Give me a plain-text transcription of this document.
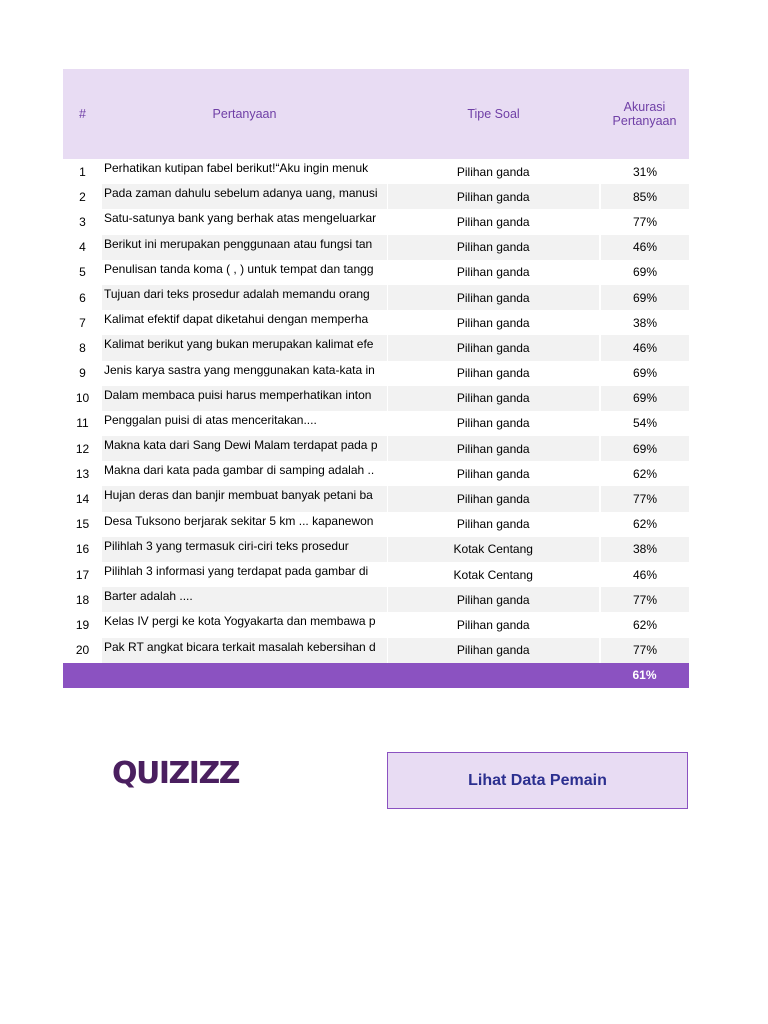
#	Pertanyaan	Tipe Soal	Akurasi
Pertanyaan
1	Perhatikan kutipan fabel berikut!“Aku ingin menuk	Pilihan ganda	31%
2	Pada zaman dahulu sebelum adanya uang, manusi	Pilihan ganda	85%
3	Satu-satunya bank yang berhak atas mengeluarkar	Pilihan ganda	77%
4	Berikut ini merupakan penggunaan atau fungsi tan	Pilihan ganda	46%
5	Penulisan tanda koma ( , ) untuk tempat dan tangg	Pilihan ganda	69%
6	Tujuan dari teks prosedur adalah memandu orang	Pilihan ganda	69%
7	Kalimat efektif dapat diketahui dengan memperha	Pilihan ganda	38%
8	Kalimat berikut yang bukan merupakan kalimat efe	Pilihan ganda	46%
9	Jenis karya sastra yang menggunakan kata-kata in	Pilihan ganda	69%
10	Dalam membaca puisi harus memperhatikan inton	Pilihan ganda	69%
11	Penggalan puisi di atas menceritakan....	Pilihan ganda	54%
12	Makna kata dari Sang Dewi Malam terdapat pada p	Pilihan ganda	69%
13	Makna dari kata pada gambar di samping adalah ..	Pilihan ganda	62%
14	Hujan deras dan banjir membuat banyak petani ba	Pilihan ganda	77%
15	Desa Tuksono berjarak sekitar 5 km ... kapanewon	Pilihan ganda	62%
16	Pilihlah 3 yang termasuk ciri-ciri teks prosedur	Kotak Centang	38%
17	Pilihlah 3 informasi yang terdapat pada gambar di	Kotak Centang	46%
18	Barter adalah ....	Pilihan ganda	77%
19	Kelas IV pergi ke kota Yogyakarta dan membawa p	Pilihan ganda	62%
20	Pak RT angkat bicara terkait masalah kebersihan d	Pilihan ganda	77%
			61%
QUIZIZZ	Lihat Data Pemain
